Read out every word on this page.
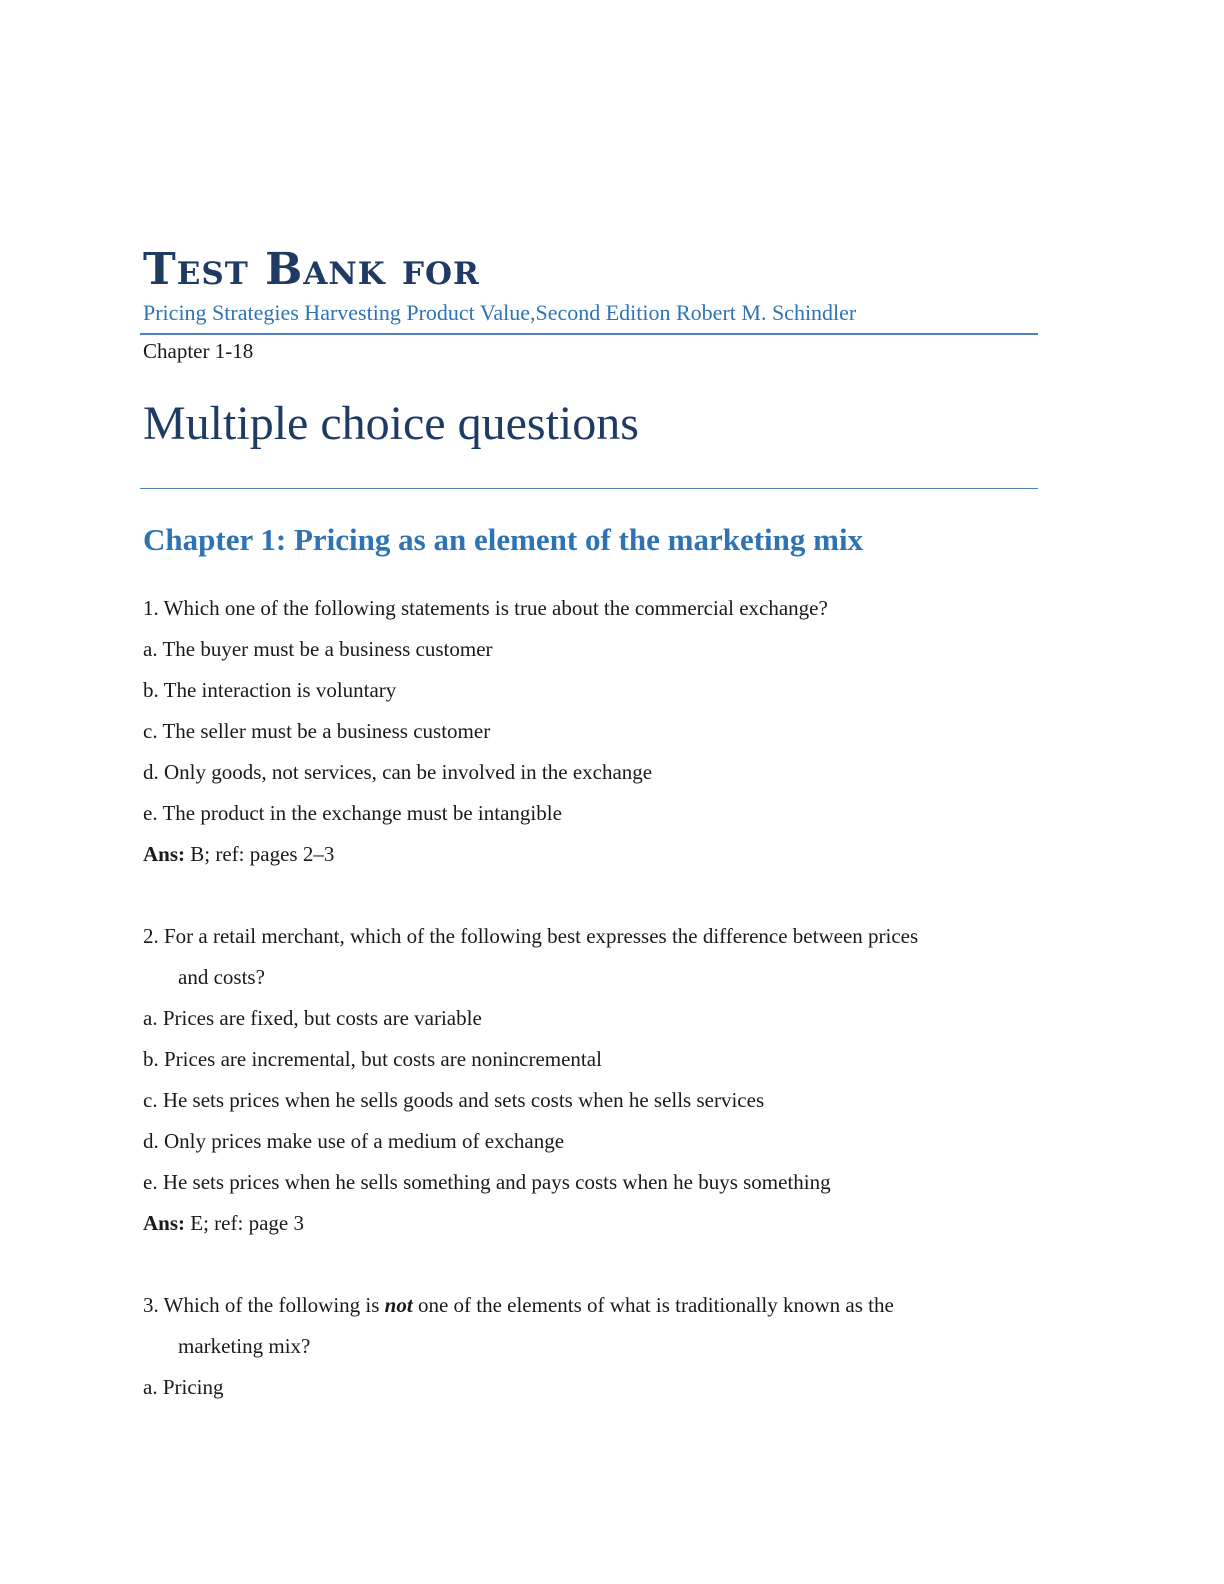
Test Bank for
Pricing Strategies Harvesting Product Value,Second Edition Robert M. Schindler
Chapter 1-18
Multiple choice questions
Chapter 1: Pricing as an element of the marketing mix

1. Which one of the following statements is true about the commercial exchange?

a. The buyer must be a business customer

b. The interaction is voluntary

c. The seller must be a business customer

d. Only goods, not services, can be involved in the exchange

e. The product in the exchange must be intangible

Ans: B; ref: pages 2–3

2. For a retail merchant, which of the following best expresses the difference between prices

and costs?

a. Prices are fixed, but costs are variable

b. Prices are incremental, but costs are nonincremental

c. He sets prices when he sells goods and sets costs when he sells services

d. Only prices make use of a medium of exchange

e. He sets prices when he sells something and pays costs when he buys something

Ans: E; ref: page 3

3. Which of the following is not one of the elements of what is traditionally known as the

marketing mix?

a. Pricing
